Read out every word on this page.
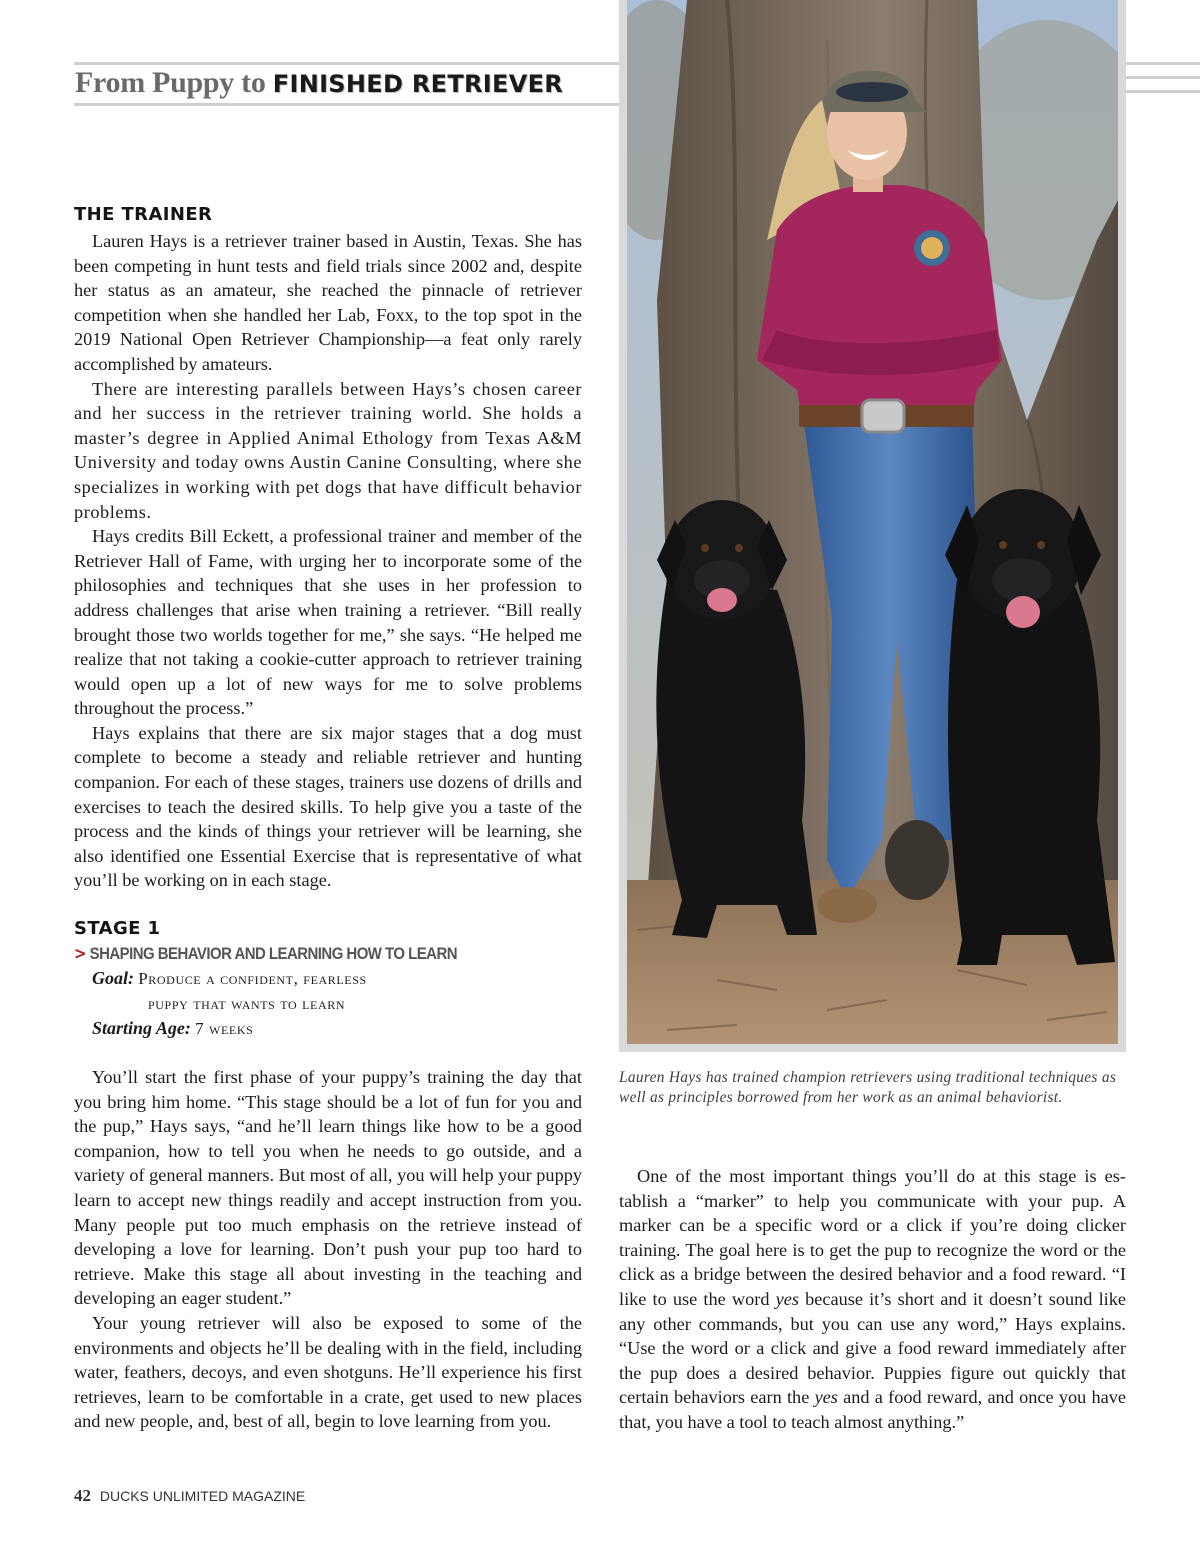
From Puppy to FINISHED RETRIEVER
THE TRAINER

Lauren Hays is a retriever trainer based in Austin, Texas. She has been competing in hunt tests and field trials since 2002 and, despite her status as an amateur, she reached the pinnacle of retriever competition when she handled her Lab, Foxx, to the top spot in the 2019 National Open Retriever Championship—a feat only rarely accomplished by amateurs.

There are interesting parallels between Hays’s chosen career and her success in the retriever training world. She holds a master’s degree in Applied Animal Ethology from Texas A&M University and today owns Austin Canine Consulting, where she specializes in working with pet dogs that have difficult behavior problems.

Hays credits Bill Eckett, a professional trainer and member of the Retriever Hall of Fame, with urging her to incorporate some of the philosophies and techniques that she uses in her profession to address challenges that arise when training a retriever. “Bill really brought those two worlds together for me,” she says. “He helped me realize that not taking a cookie-cutter approach to retriever training would open up a lot of new ways for me to solve problems throughout the process.”

Hays explains that there are six major stages that a dog must complete to become a steady and reliable retriever and hunting companion. For each of these stages, trainers use dozens of drills and exercises to teach the desired skills. To help give you a taste of the process and the kinds of things your retriever will be learning, she also identified one Essential Exercise that is representative of what you’ll be working on in each stage.

STAGE 1

> SHAPING BEHAVIOR AND LEARNING HOW TO LEARN

Goal: Produce a confident, fearless

puppy that wants to learn

Starting Age: 7 weeks

You’ll start the first phase of your puppy’s training the day that you bring him home. “This stage should be a lot of fun for you and the pup,” Hays says, “and he’ll learn things like how to be a good companion, how to tell you when he needs to go outside, and a variety of general manners. But most of all, you will help your puppy learn to accept new things readily and accept instruction from you. Many people put too much emphasis on the retrieve instead of developing a love for learning. Don’t push your pup too hard to retrieve. Make this stage all about investing in the teaching and developing an eager student.”

Your young retriever will also be exposed to some of the environments and objects he’ll be dealing with in the field, including water, feathers, decoys, and even shotguns. He’ll experience his first retrieves, learn to be comfortable in a crate, get used to new places and new people, and, best of all, begin to love learning from you.

Lauren Hays has trained champion retrievers using traditional techniques as well as principles borrowed from her work as an animal behaviorist.

One of the most important things you’ll do at this stage is establish a “marker” to help you communicate with your pup. A marker can be a specific word or a click if you’re doing clicker training. The goal here is to get the pup to recognize the word or the click as a bridge between the desired behavior and a food reward. “I like to use the word yes because it’s short and it doesn’t sound like any other commands, but you can use any word,” Hays explains. “Use the word or a click and give a food reward immediately after the pup does a desired behavior. Puppies figure out quickly that certain behaviors earn the yes and a food reward, and once you have that, you have a tool to teach almost anything.”

42 DUCKS UNLIMITED MAGAZINE
